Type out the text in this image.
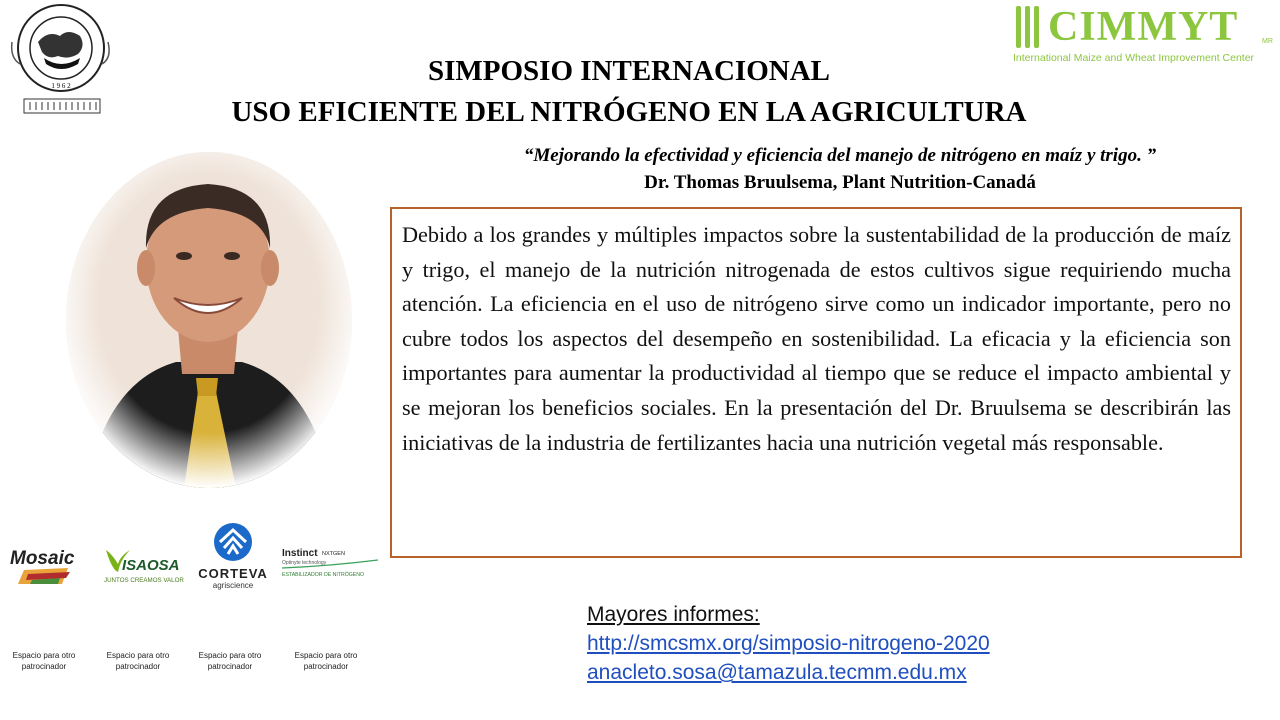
1 9 6 2
CIMMYT	MR
International Maize and Wheat Improvement Center
SIMPOSIO INTERNACIONAL
USO EFICIENTE DEL NITRÓGENO EN LA AGRICULTURA
“Mejorando la efectividad y eficiencia del manejo de nitrógeno en maíz y trigo. ”
Dr. Thomas Bruulsema, Plant Nutrition-Canadá
Debido a los grandes y múltiples impactos sobre la sustentabilidad de la producción de maíz y trigo, el manejo de la nutrición nitrogenada de estos cultivos sigue requiriendo mucha atención. La eficiencia en el uso de nitrógeno sirve como un indicador importante, pero no cubre todos los aspectos del desempeño en sostenibilidad. La eficacia y la eficiencia son importantes para aumentar la productividad al tiempo que se reduce el impacto ambiental y se mejoran los beneficios sociales. En la presentación del Dr. Bruulsema se describirán las iniciativas de la industria de fertilizantes hacia una nutrición vegetal más responsable.
Mosaic	ISAOSA
JUNTOS CREAMOS VALOR CORTEVA
agriscience
Instinct NXTGEN
Optinyte technology
ESTABILIZADOR DE NITRÓGENO
Espacio para otro patrocinador
Espacio para otro patrocinador
Espacio para otro patrocinador
Espacio para otro patrocinador
Mayores informes:
http://smcsmx.org/simposio-nitrogeno-2020
anacleto.sosa@tamazula.tecmm.edu.mx
